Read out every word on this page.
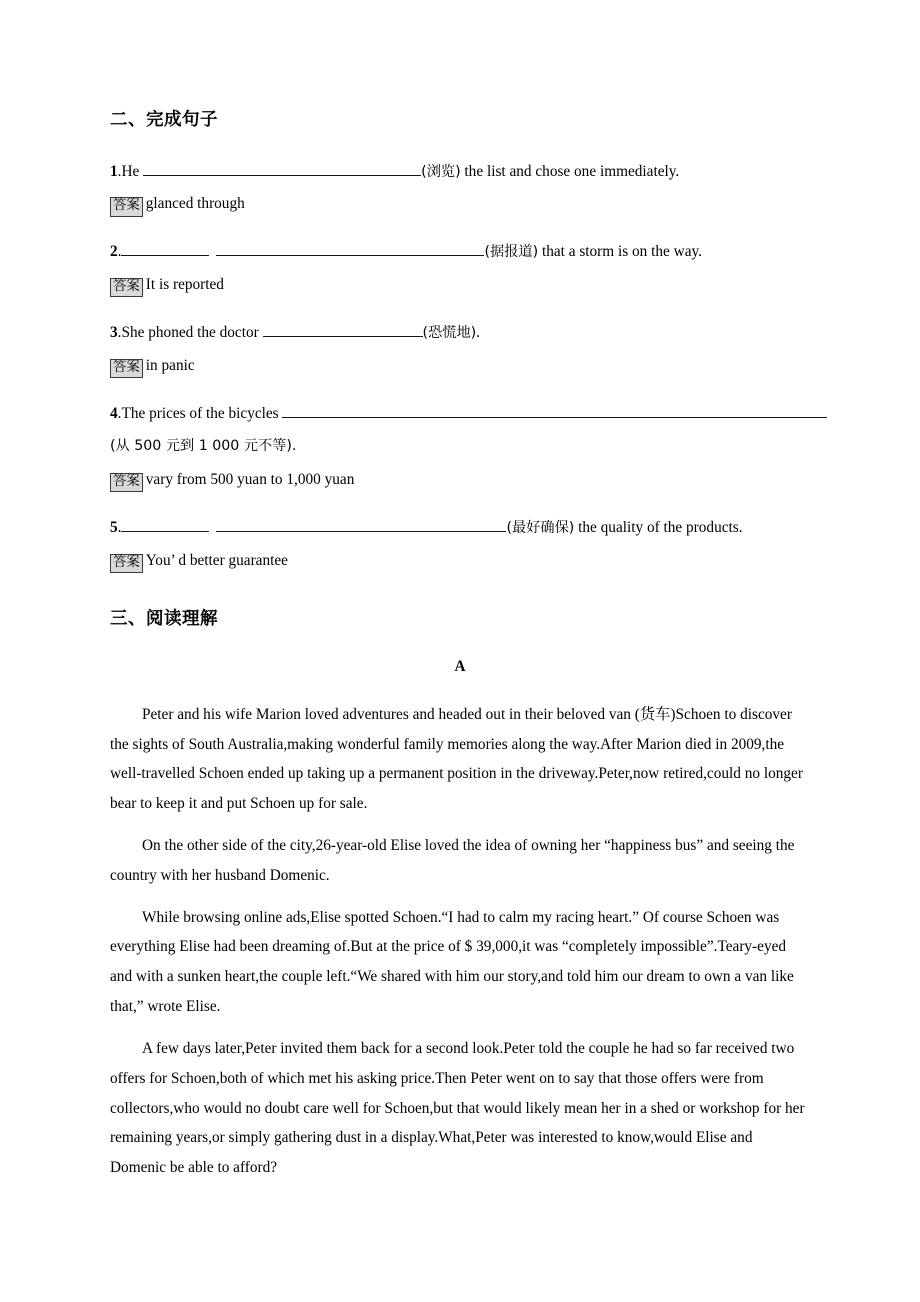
二、完成句子
1.He	(浏览) the list and chose one immediately.
答案 glanced through
2.	(据报道) that a storm is on the way.
答案 It is reported
3.She phoned the doctor	(恐慌地).
答案 in panic
4.The prices of the bicycles
(从 500 元到 1 000 元不等).
答案 vary from 500 yuan to 1,000 yuan
5.	(最好确保) the quality of the products.
答案 You’ d better guarantee
三、阅读理解
A

Peter and his wife Marion loved adventures and headed out in their beloved van (货车)Schoen to discover the sights of South Australia,making wonderful family memories along the way.After Marion died in 2009,the well-travelled Schoen ended up taking up a permanent position in the driveway.Peter,now retired,could no longer bear to keep it and put Schoen up for sale.

On the other side of the city,26-year-old Elise loved the idea of owning her “happiness bus” and seeing the country with her husband Domenic.

While browsing online ads,Elise spotted Schoen.“I had to calm my racing heart.” Of course Schoen was everything Elise had been dreaming of.But at the price of $ 39,000,it was “completely impossible”.Teary-eyed and with a sunken heart,the couple left.“We shared with him our story,and told him our dream to own a van like that,” wrote Elise.

A few days later,Peter invited them back for a second look.Peter told the couple he had so far received two offers for Schoen,both of which met his asking price.Then Peter went on to say that those offers were from collectors,who would no doubt care well for Schoen,but that would likely mean her in a shed or workshop for her remaining years,or simply gathering dust in a display.What,Peter was interested to know,would Elise and Domenic be able to afford?
